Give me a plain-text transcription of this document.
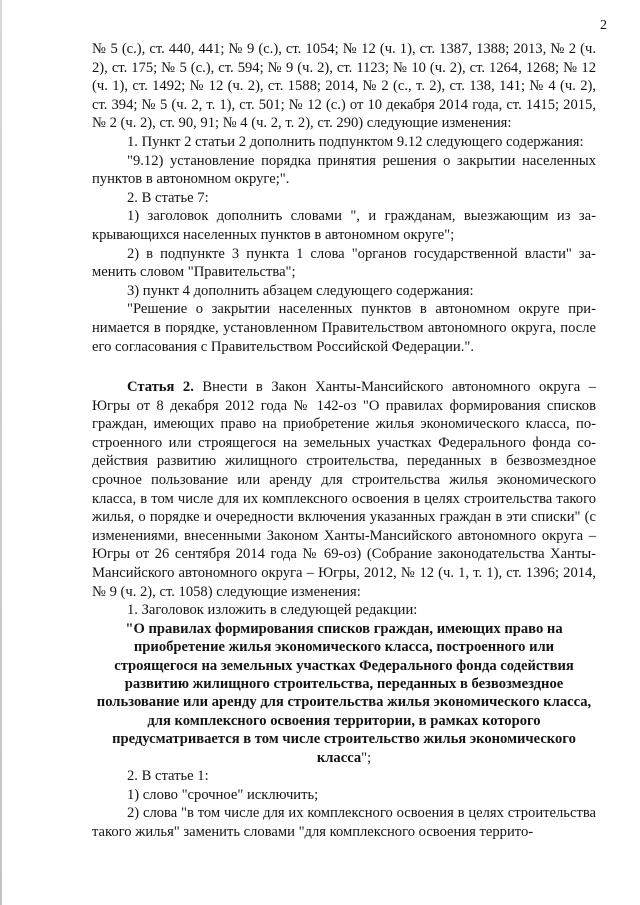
2

№ 5 (с.), ст. 440, 441; № 9 (с.), ст. 1054; № 12 (ч. 1), ст. 1387, 1388; 2013, № 2 (ч. 2), ст. 175; № 5 (с.), ст. 594; № 9 (ч. 2), ст. 1123; № 10 (ч. 2), ст. 1264, 1268; № 12 (ч. 1), ст. 1492; № 12 (ч. 2), ст. 1588; 2014, № 2 (с., т. 2), ст. 138, 141; № 4 (ч. 2), ст. 394; № 5 (ч. 2, т. 1), ст. 501; № 12 (с.) от 10 декабря 2014 года, ст. 1415; 2015, № 2 (ч. 2), ст. 90, 91; № 4 (ч. 2, т. 2), ст. 290) следующие изменения:

1. Пункт 2 статьи 2 дополнить подпунктом 9.12 следующего содержания:

"9.12) установление порядка принятия решения о закрытии населенных пунктов в автономном округе;".

2. В статье 7:

1) заголовок дополнить словами ", и гражданам, выезжающим из закрывающихся населенных пунктов в автономном округе";

2) в подпункте 3 пункта 1 слова "органов государственной власти" заменить словом "Правительства";

3) пункт 4 дополнить абзацем следующего содержания:

"Решение о закрытии населенных пунктов в автономном округе принимается в порядке, установленном Правительством автономного округа, после его согласования с Правительством Российской Федерации.".

Статья 2. Внести в Закон Ханты-Мансийского автономного округа – Югры от 8 декабря 2012 года № 142-оз "О правилах формирования списков граждан, имеющих право на приобретение жилья экономического класса, построенного или строящегося на земельных участках Федерального фонда содействия развитию жилищного строительства, переданных в безвозмездное срочное пользование или аренду для строительства жилья экономического класса, в том числе для их комплексного освоения в целях строительства такого жилья, о порядке и очередности включения указанных граждан в эти списки" (с изменениями, внесенными Законом Ханты-Мансийского автономного округа – Югры от 26 сентября 2014 года № 69-оз) (Собрание законодательства Ханты-Мансийского автономного округа – Югры, 2012, № 12 (ч. 1, т. 1), ст. 1396; 2014, № 9 (ч. 2), ст. 1058) следующие изменения:

1. Заголовок изложить в следующей редакции:

"О правилах формирования списков граждан, имеющих право на приобретение жилья экономического класса, построенного или строящегося на земельных участках Федерального фонда содействия развитию жилищного строительства, переданных в безвозмездное пользование или аренду для строительства жилья экономического класса, для комплексного освоения территории, в рамках которого предусматривается в том числе строительство жилья экономического класса";

2. В статье 1:

1) слово "срочное" исключить;

2) слова "в том числе для их комплексного освоения в целях строительства такого жилья" заменить словами "для комплексного освоения террито-
